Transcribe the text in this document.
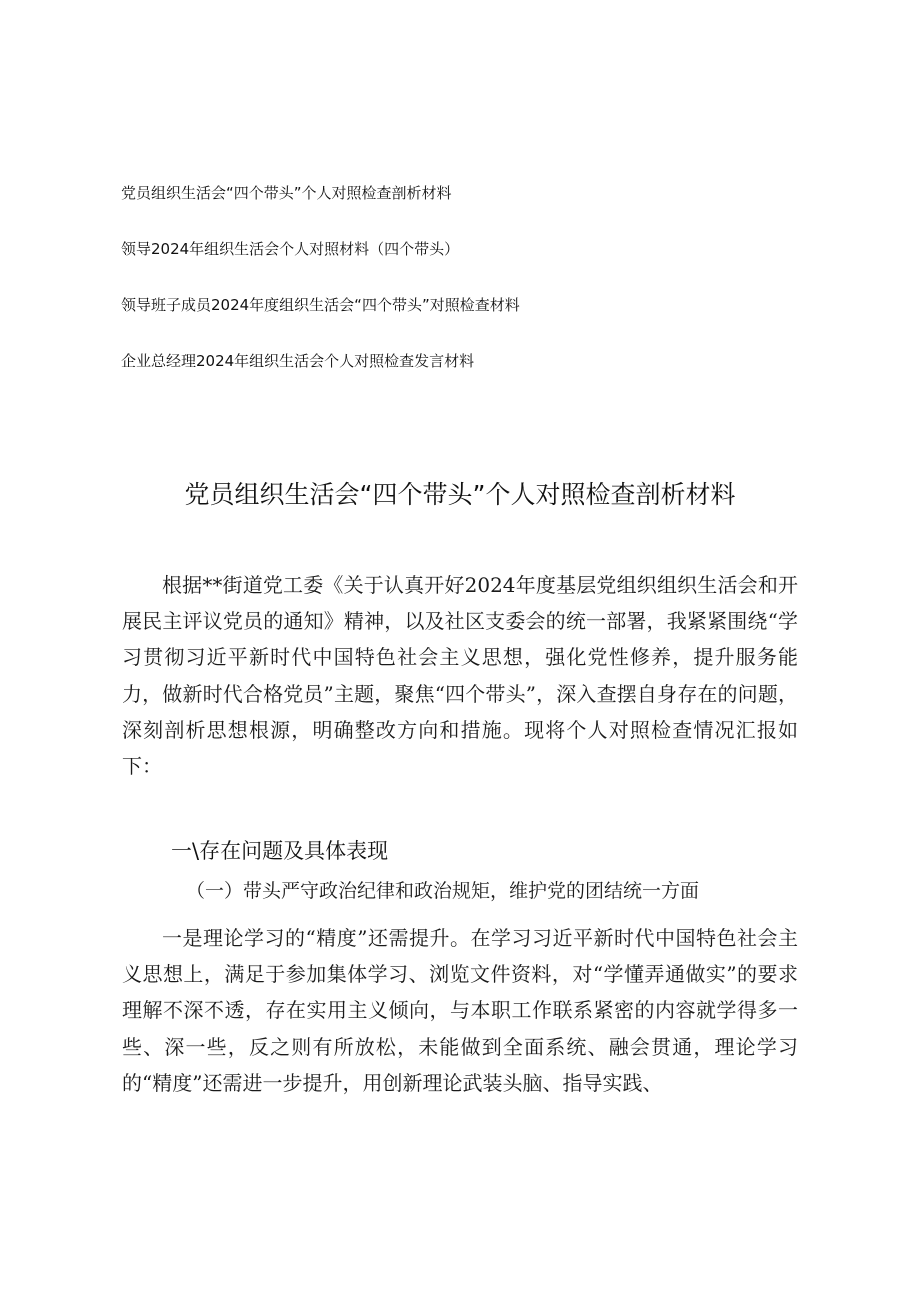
党员组织生活会“四个带头”个人对照检查剖析材料
领导2024年组织生活会个人对照材料（四个带头）
领导班子成员2024年度组织生活会“四个带头”对照检查材料
企业总经理2024年组织生活会个人对照检查发言材料
党员组织生活会“四个带头”个人对照检查剖析材料

根据**街道党工委《关于认真开好2024年度基层党组织组织生活会和开展民主评议党员的通知》精神，以及社区支委会的统一部署，我紧紧围绕“学习贯彻习近平新时代中国特色社会主义思想，强化党性修养，提升服务能力，做新时代合格党员”主题，聚焦“四个带头”，深入查摆自身存在的问题，深刻剖析思想根源，明确整改方向和措施。现将个人对照检查情况汇报如下：

一\存在问题及具体表现
（一）带头严守政治纪律和政治规矩，维护党的团结统一方面

一是理论学习的“精度”还需提升。在学习习近平新时代中国特色社会主义思想上，满足于参加集体学习、浏览文件资料，对“学懂弄通做实”的要求理解不深不透，存在实用主义倾向，与本职工作联系紧密的内容就学得多一些、深一些，反之则有所放松，未能做到全面系统、融会贯通，理论学习的“精度”还需进一步提升，用创新理论武装头脑、指导实践、
